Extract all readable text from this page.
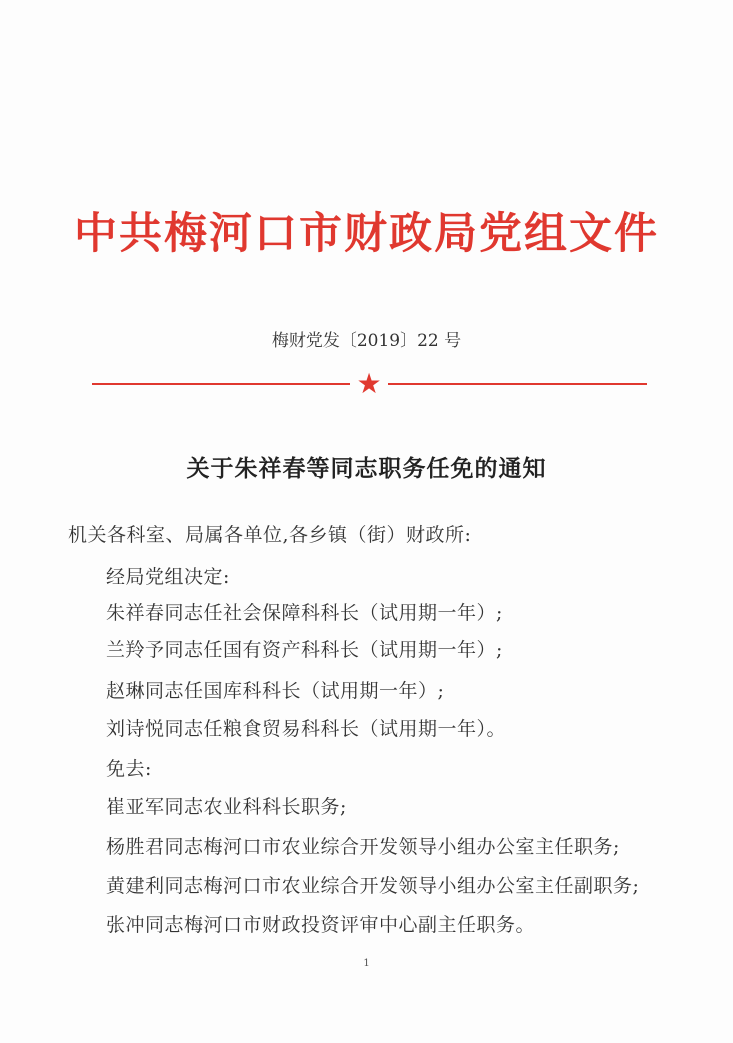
中共梅河口市财政局党组文件
梅财党发〔2019〕22 号
★
关于朱祥春等同志职务任免的通知
机关各科室、局属各单位,各乡镇（街）财政所:
经局党组决定:
朱祥春同志任社会保障科科长（试用期一年）;
兰羚予同志任国有资产科科长（试用期一年）;
赵琳同志任国库科科长（试用期一年）;
刘诗悦同志任粮食贸易科科长（试用期一年）。
免去:
崔亚军同志农业科科长职务;
杨胜君同志梅河口市农业综合开发领导小组办公室主任职务;
黄建利同志梅河口市农业综合开发领导小组办公室主任副职务;
张冲同志梅河口市财政投资评审中心副主任职务。
1
